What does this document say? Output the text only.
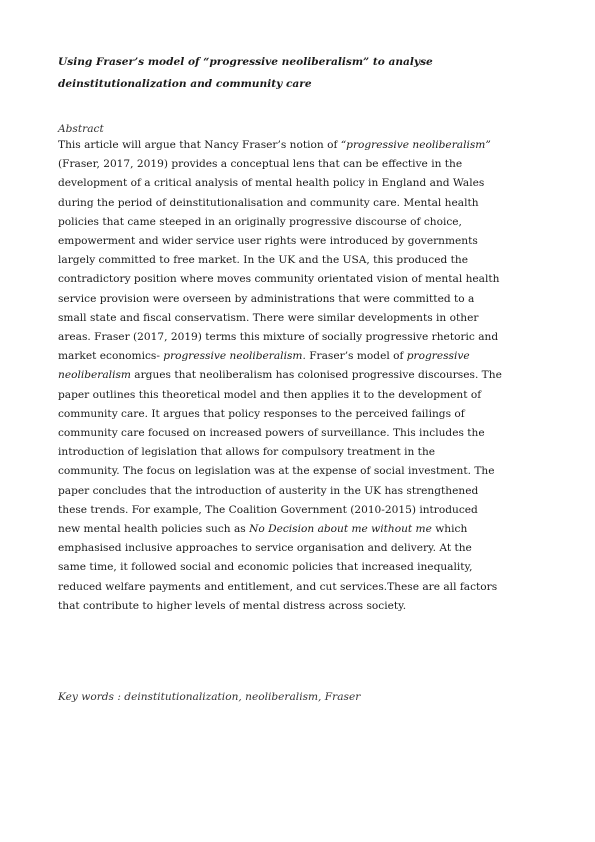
Using Fraser’s model of “progressive neoliberalism” to analyse
deinstitutionalization and community care

Abstract

This article will argue that Nancy Fraser’s notion of “progressive neoliberalism”
(Fraser, 2017, 2019) provides a conceptual lens that can be effective in the
development of a critical analysis of mental health policy in England and Wales
during the period of deinstitutionalisation and community care. Mental health
policies that came steeped in an originally progressive discourse of choice,
empowerment and wider service user rights were introduced by governments
largely committed to free market. In the UK and the USA, this produced the
contradictory position where moves community orientated vision of mental health
service provision were overseen by administrations that were committed to a
small state and fiscal conservatism. There were similar developments in other
areas. Fraser (2017, 2019) terms this mixture of socially progressive rhetoric and
market economics- progressive neoliberalism. Fraser’s model of progressive
neoliberalism argues that neoliberalism has colonised progressive discourses. The
paper outlines this theoretical model and then applies it to the development of
community care. It argues that policy responses to the perceived failings of
community care focused on increased powers of surveillance. This includes the
introduction of legislation that allows for compulsory treatment in the
community. The focus on legislation was at the expense of social investment. The
paper concludes that the introduction of austerity in the UK has strengthened
these trends. For example, The Coalition Government (2010-2015) introduced
new mental health policies such as No Decision about me without me which
emphasised inclusive approaches to service organisation and delivery. At the
same time, it followed social and economic policies that increased inequality,
reduced welfare payments and entitlement, and cut services.These are all factors
that contribute to higher levels of mental distress across society.

Key words : deinstitutionalization, neoliberalism, Fraser
